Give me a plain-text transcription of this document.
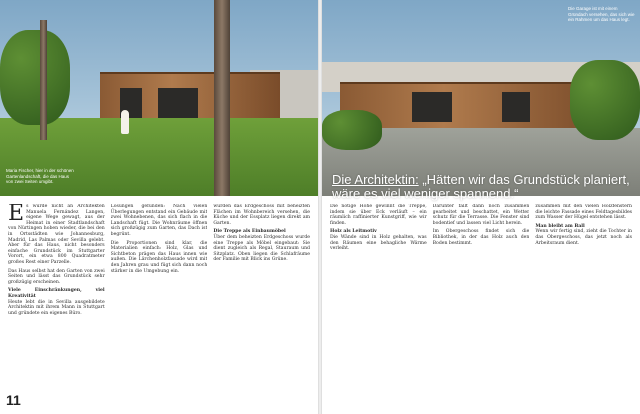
Maria Fischer, hier in der schönen Gartenlandschaft, die das Haus von zwei Seiten umgibt.
E s wurde nicht an Architekten Manuela Fernández Langen, eigene Wege gewagt, aus der Heimat in einer Stadtlandschaft von Nürtingen hoben wieder, die bei den in Ortsstädten wie Johannesburg, Madrid, Las Palmas oder Sevilla gelebt. Aber für das Haus, nicht besonders einfache Grundstück im Stuttgarter Vorort, ein etwa 800 Quadratmeter großes Rest einer Parzelle.

Das Haus selbst hat den Garten von zwei Seiten und lässt das Grundstück sehr großzügig erscheinen.

Viele Einschränkungen, viel Kreativität

Heute lebt die in Sevilla ausgebildete Architektin mit ihrem Mann in Stuttgart und gründete ein eigenes Büro.

Lösungen gefunden: Nach vielen Überlegungen entstand ein Gebäude mit zwei Wohnebenen, das sich flach in die Landschaft fügt. Die Wohnräume öffnen sich großzügig zum Garten, das Dach ist begrünt.

Die Proportionen sind klar, die Materialien einfach: Holz, Glas und Sichtbeton prägen das Haus innen wie außen. Die Lärchenholzfassade wird mit den Jahren grau und fügt sich dann noch stärker in die Umgebung ein.

wurden das Erdgeschoss mit beheizten Flächen im Wohnbereich versehen, die Küche und der Essplatz liegen direkt am Garten.

Die Treppe als Einbaumöbel

Über dem beheizten Erdgeschoss wurde eine Treppe als Möbel eingebaut: Sie dient zugleich als Regal, Stauraum und Sitzplatz. Oben liegen die Schlafräume der Familie mit Blick ins Grüne.

11
Die Garage ist mit einem Gründach versehen, das sich wie ein Rahmen um das Haus legt.
Die Architektin: „Hätten wir das Grundstück planiert, wäre es viel weniger spannend.“

Die nötige Höhe gewinnt die Treppe, indem sie über Eck verläuft – ein räumlich raffinierter Kunstgriff, wie wir finden.

Holz als Leitmotiv

Die Wände sind in Holz gehalten, was den Räumen eine behagliche Wärme verleiht.

Darunter fällt dann noch zusammen gearbeitet und beschattet, ein Wetter schutz für die Terrasse. Die Fenster sind bodentief und lassen viel Licht herein.

Im Obergeschoss findet sich die Bibliothek, in der das Holz auch den Boden bestimmt.

zusammen mit den vielen Holzfenstern die leichte Fassade eines Feldtagesbildes zum Wasser der Hügel entstehen lässt.

Man bleibt am Ball

Wenn wir fertig sind, zieht die Tochter in das Obergeschoss, das jetzt noch als Arbeitsraum dient.
